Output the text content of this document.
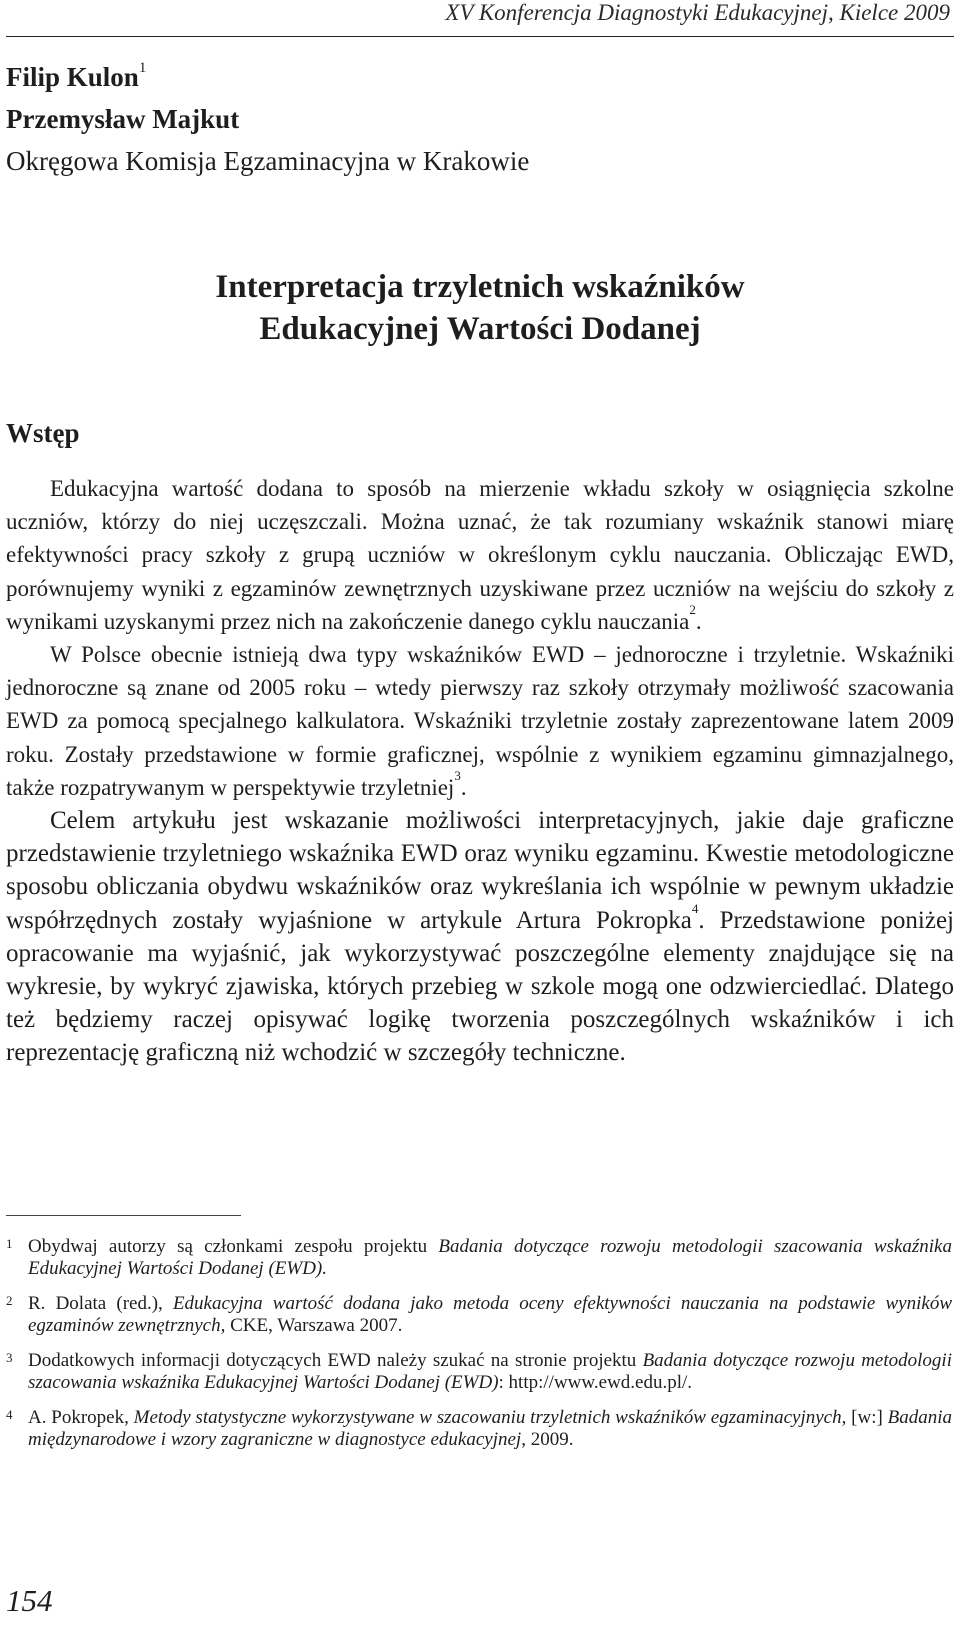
XV Konferencja Diagnostyki Edukacyjnej, Kielce 2009
Filip Kulon$^1$
Przemysław Majkut
Okręgowa Komisja Egzaminacyjna w Krakowie
Interpretacja trzyletnich wskaźników
Edukacyjnej Wartości Dodanej
Wstęp

Edukacyjna wartość dodana to sposób na mierzenie wkładu szkoły w osiągnięcia szkolne uczniów, którzy do niej uczęszczali. Można uznać, że tak rozumiany wskaźnik stanowi miarę efektywności pracy szkoły z grupą uczniów w określonym cyklu nauczania. Obliczając EWD, porównujemy wyniki z egzaminów zewnętrznych uzyskiwane przez uczniów na wejściu do szkoły z wynikami uzyskanymi przez nich na zakończenie danego cyklu nauczania$^2$.

W Polsce obecnie istnieją dwa typy wskaźników EWD – jednoroczne i trzyletnie. Wskaźniki jednoroczne są znane od 2005 roku – wtedy pierwszy raz szkoły otrzymały możliwość szacowania EWD za pomocą specjalnego kalkulatora. Wskaźniki trzyletnie zostały zaprezentowane latem 2009 roku. Zostały przedstawione w formie graficznej, wspólnie z wynikiem egzaminu gimnazjalnego, także rozpatrywanym w perspektywie trzyletniej$^3$.

Celem artykułu jest wskazanie możliwości interpretacyjnych, jakie daje graficzne przedstawienie trzyletniego wskaźnika EWD oraz wyniku egzaminu. Kwestie metodologiczne sposobu obliczania obydwu wskaźników oraz wykreślania ich wspólnie w pewnym układzie współrzędnych zostały wyjaśnione w artykule Artura Pokropka$^4$. Przedstawione poniżej opracowanie ma wyjaśnić, jak wykorzystywać poszczególne elementy znajdujące się na wykresie, by wykryć zjawiska, których przebieg w szkole mogą one odzwierciedlać. Dlatego też będziemy raczej opisywać logikę tworzenia poszczególnych wskaźników i ich reprezentację graficzną niż wchodzić w szczegóły techniczne.

1 Obydwaj autorzy są członkami zespołu projektu Badania dotyczące rozwoju metodologii szacowania wskaźnika Edukacyjnej Wartości Dodanej (EWD).
2 R. Dolata (red.), Edukacyjna wartość dodana jako metoda oceny efektywności nauczania na podstawie wyników egzaminów zewnętrznych, CKE, Warszawa 2007.
3 Dodatkowych informacji dotyczących EWD należy szukać na stronie projektu Badania dotyczące rozwoju metodologii szacowania wskaźnika Edukacyjnej Wartości Dodanej (EWD): http://www.ewd.edu.pl/.
4 A. Pokropek, Metody statystyczne wykorzystywane w szacowaniu trzyletnich wskaźników egzaminacyjnych, [w:] Badania międzynarodowe i wzory zagraniczne w diagnostyce edukacyjnej, 2009.
154
